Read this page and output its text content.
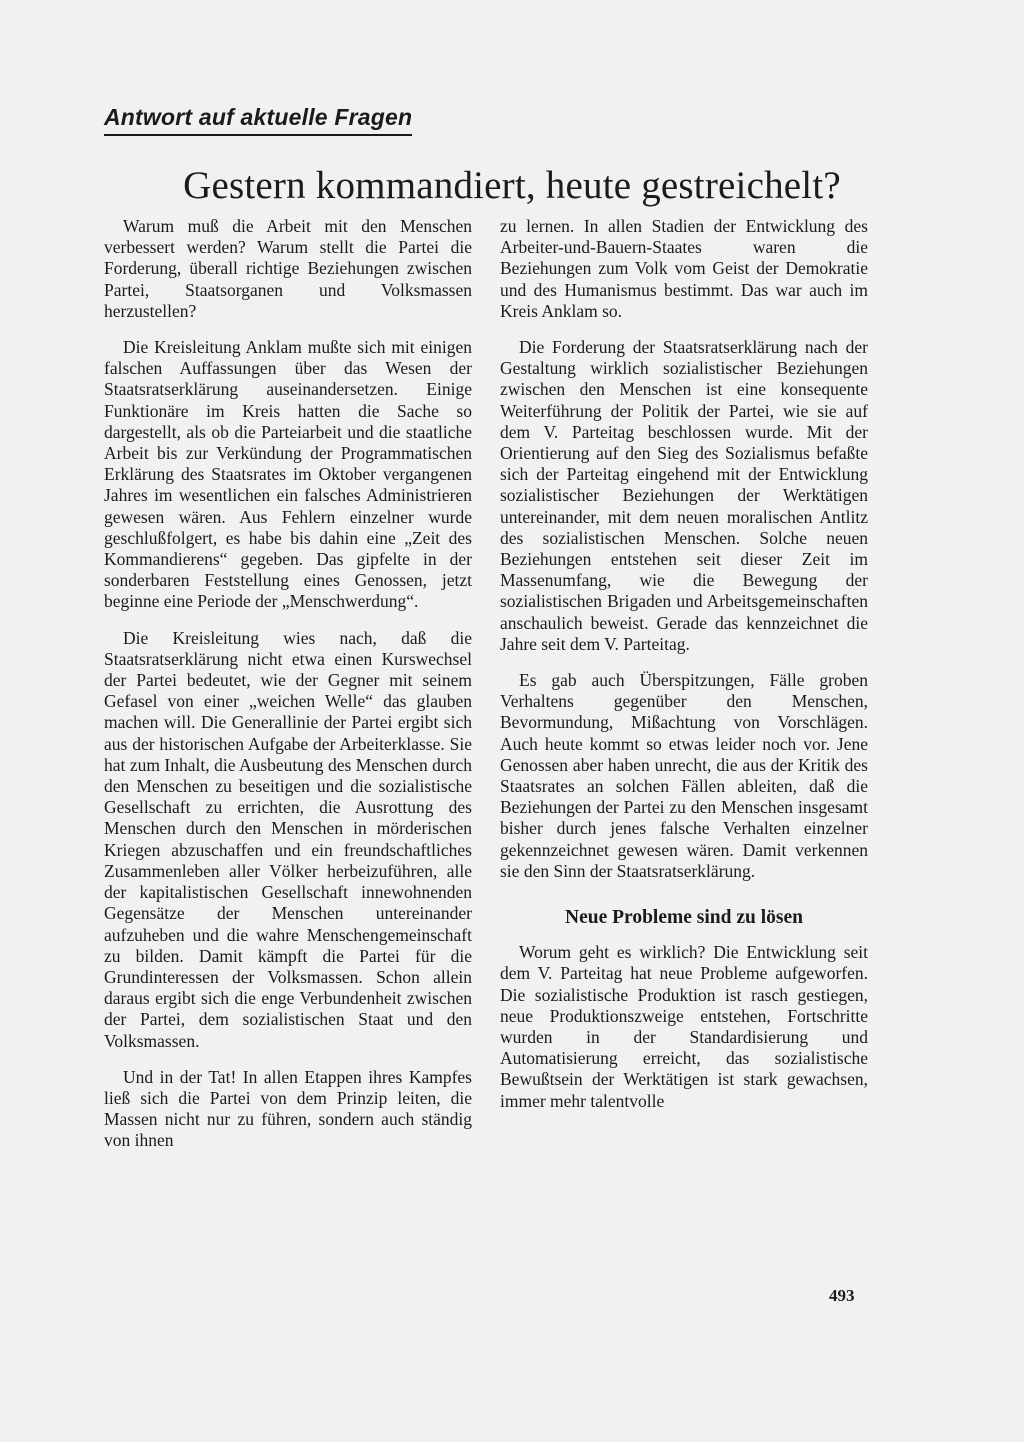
Antwort auf aktuelle Fragen
Gestern kommandiert, heute gestreichelt?

Warum muß die Arbeit mit den Menschen verbessert werden? Warum stellt die Partei die Forderung, überall richtige Beziehungen zwischen Partei, Staatsorganen und Volksmassen herzustellen?

Die Kreisleitung Anklam mußte sich mit einigen falschen Auffassungen über das Wesen der Staatsratserklärung auseinandersetzen. Einige Funktionäre im Kreis hatten die Sache so dargestellt, als ob die Parteiarbeit und die staatliche Arbeit bis zur Verkündung der Programmatischen Erklärung des Staatsrates im Oktober vergangenen Jahres im wesentlichen ein falsches Administrieren gewesen wären. Aus Fehlern einzelner wurde geschlußfolgert, es habe bis dahin eine „Zeit des Kommandierens“ gegeben. Das gipfelte in der sonderbaren Feststellung eines Genossen, jetzt beginne eine Periode der „Menschwerdung“.

Die Kreisleitung wies nach, daß die Staatsratserklärung nicht etwa einen Kurswechsel der Partei bedeutet, wie der Gegner mit seinem Gefasel von einer „weichen Welle“ das glauben machen will. Die Generallinie der Partei ergibt sich aus der historischen Aufgabe der Arbeiterklasse. Sie hat zum Inhalt, die Ausbeutung des Menschen durch den Menschen zu beseitigen und die sozialistische Gesellschaft zu errichten, die Ausrottung des Menschen durch den Menschen in mörderischen Kriegen abzuschaffen und ein freundschaftliches Zusammenleben aller Völker herbeizuführen, alle der kapitalistischen Gesellschaft innewohnenden Gegensätze der Menschen untereinander aufzuheben und die wahre Menschengemeinschaft zu bilden. Damit kämpft die Partei für die Grundinteressen der Volksmassen. Schon allein daraus ergibt sich die enge Verbundenheit zwischen der Partei, dem sozialistischen Staat und den Volksmassen.

Und in der Tat! In allen Etappen ihres Kampfes ließ sich die Partei von dem Prinzip leiten, die Massen nicht nur zu führen, sondern auch ständig von ihnen

zu lernen. In allen Stadien der Entwicklung des Arbeiter-und-Bauern-Staates waren die Beziehungen zum Volk vom Geist der Demokratie und des Humanismus bestimmt. Das war auch im Kreis Anklam so.

Die Forderung der Staatsratserklärung nach der Gestaltung wirklich sozialistischer Beziehungen zwischen den Menschen ist eine konsequente Weiterführung der Politik der Partei, wie sie auf dem V. Parteitag beschlossen wurde. Mit der Orientierung auf den Sieg des Sozialismus befaßte sich der Parteitag eingehend mit der Entwicklung sozialistischer Beziehungen der Werktätigen untereinander, mit dem neuen moralischen Antlitz des sozialistischen Menschen. Solche neuen Beziehungen entstehen seit dieser Zeit im Massenumfang, wie die Bewegung der sozialistischen Brigaden und Arbeitsgemeinschaften anschaulich beweist. Gerade das kennzeichnet die Jahre seit dem V. Parteitag.

Es gab auch Überspitzungen, Fälle groben Verhaltens gegenüber den Menschen, Bevormundung, Mißachtung von Vorschlägen. Auch heute kommt so etwas leider noch vor. Jene Genossen aber haben unrecht, die aus der Kritik des Staatsrates an solchen Fällen ableiten, daß die Beziehungen der Partei zu den Menschen insgesamt bisher durch jenes falsche Verhalten einzelner gekennzeichnet gewesen wären. Damit verkennen sie den Sinn der Staatsratserklärung.

Neue Probleme sind zu lösen

Worum geht es wirklich? Die Entwicklung seit dem V. Parteitag hat neue Probleme aufgeworfen. Die sozialistische Produktion ist rasch gestiegen, neue Produktionszweige entstehen, Fortschritte wurden in der Standardisierung und Automatisierung erreicht, das sozialistische Bewußtsein der Werktätigen ist stark gewachsen, immer mehr talentvolle

493
